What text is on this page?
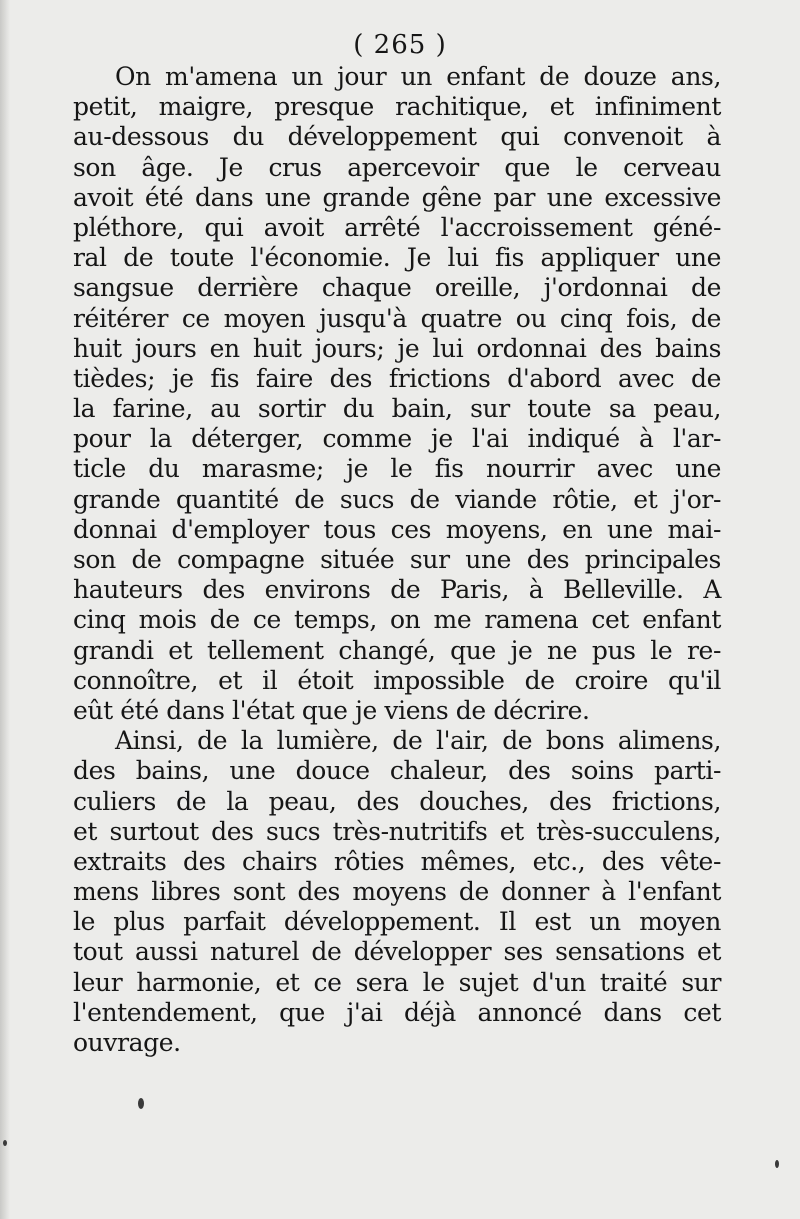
( 265 )
On m'amena un jour un enfant de douze ans,
petit, maigre, presque rachitique, et infiniment
au-dessous du développement qui convenoit à
son âge. Je crus apercevoir que le cerveau
avoit été dans une grande gêne par une excessive
pléthore, qui avoit arrêté l'accroissement géné-
ral de toute l'économie. Je lui fis appliquer une
sangsue derrière chaque oreille, j'ordonnai de
réitérer ce moyen jusqu'à quatre ou cinq fois, de
huit jours en huit jours; je lui ordonnai des bains
tièdes; je fis faire des frictions d'abord avec de
la farine, au sortir du bain, sur toute sa peau,
pour la déterger, comme je l'ai indiqué à l'ar-
ticle du marasme; je le fis nourrir avec une
grande quantité de sucs de viande rôtie, et j'or-
donnai d'employer tous ces moyens, en une mai-
son de compagne située sur une des principales
hauteurs des environs de Paris, à Belleville. A
cinq mois de ce temps, on me ramena cet enfant
grandi et tellement changé, que je ne pus le re-
connoître, et il étoit impossible de croire qu'il
eût été dans l'état que je viens de décrire.
Ainsi, de la lumière, de l'air, de bons alimens,
des bains, une douce chaleur, des soins parti-
culiers de la peau, des douches, des frictions,
et surtout des sucs très-nutritifs et très-succulens,
extraits des chairs rôties mêmes, etc., des vête-
mens libres sont des moyens de donner à l'enfant
le plus parfait développement. Il est un moyen
tout aussi naturel de développer ses sensations et
leur harmonie, et ce sera le sujet d'un traité sur
l'entendement, que j'ai déjà annoncé dans cet
ouvrage.
